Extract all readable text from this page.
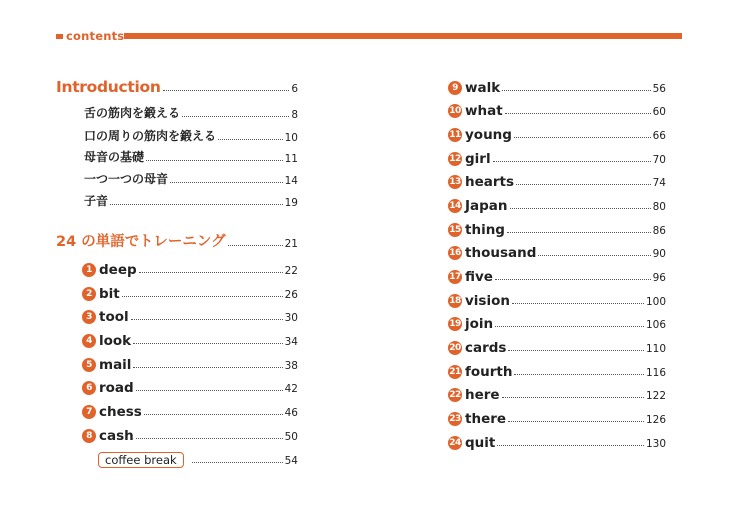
contents
Introduction	6
舌の筋肉を鍛える	8
口の周りの筋肉を鍛える	10
母音の基礎	11
一つ一つの母音	14
子音	19
24 の単語でトレーニング	21
1 deep	22
2 bit	26
3 tool	30
4 look	34
5 mail	38
6 road	42
7 chess	46
8 cash	50
coffee break	54
9 walk	56
10 what	60
11 young	66
12 girl	70
13 hearts	74
14 Japan	80
15 thing	86
16 thousand	90
17 five	96
18 vision	100
19 join	106
20 cards	110
21 fourth	116
22 here	122
23 there	126
24 quit	130
